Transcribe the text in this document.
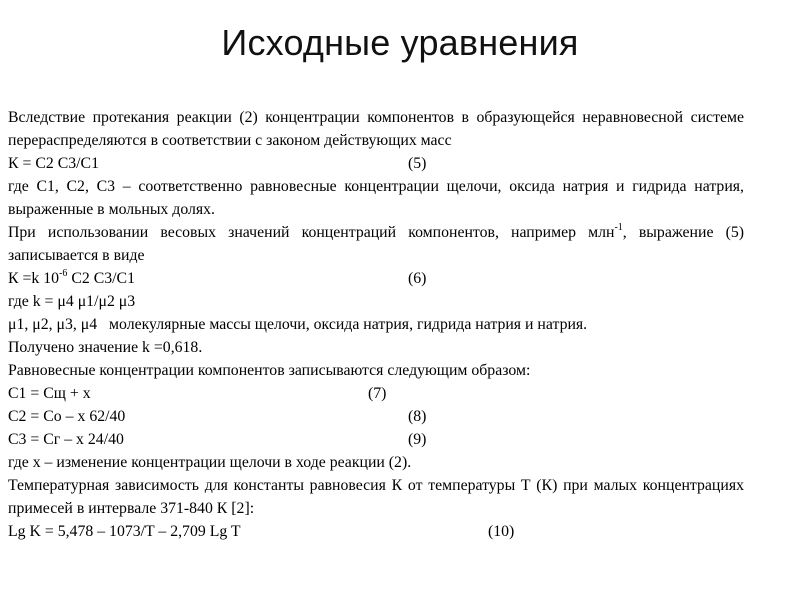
Исходные уравнения

Вследствие протекания реакции (2) концентрации компонентов в образующейся неравновесной системе перераспределяются в соответствии с законом действующих масс

К = С2 С3/С1	(5)

где С1, С2, С3 – соответственно равновесные концентрации щелочи, оксида натрия и гидрида натрия, выраженные в мольных долях.

При использовании весовых значений концентраций компонентов, например млн$^{-1}$, выражение (5) записывается в виде

К =k $10^{-6}$ С2 С3/С1	(6)
где k = μ4 μ1/μ2 μ3
μ1, μ2, μ3, μ4   молекулярные массы щелочи, оксида натрия, гидрида натрия и натрия.
Получено значение k =0,618.
Равновесные концентрации компонентов записываются следующим образом:
С1 = Сщ + х	(7)
С2 = Со – х 62/40	(8)
С3 = Сг – х 24/40	(9)
где х – изменение концентрации щелочи в ходе реакции (2).

Температурная зависимость для константы равновесия К от температуры Т (К) при малых концентрациях примесей в интервале 371-840 К [2]:

Lg K = 5,478 – 1073/T – 2,709 Lg T	(10)
